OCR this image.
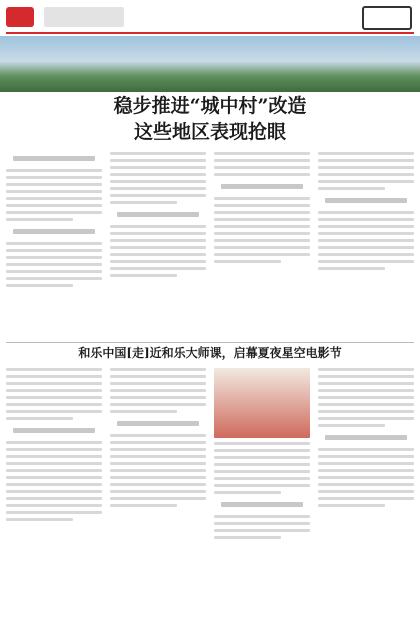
稳步推进“城中村”改造
这些地区表现抢眼
和乐中国[走]近和乐大师课，启幕夏夜星空电影节
